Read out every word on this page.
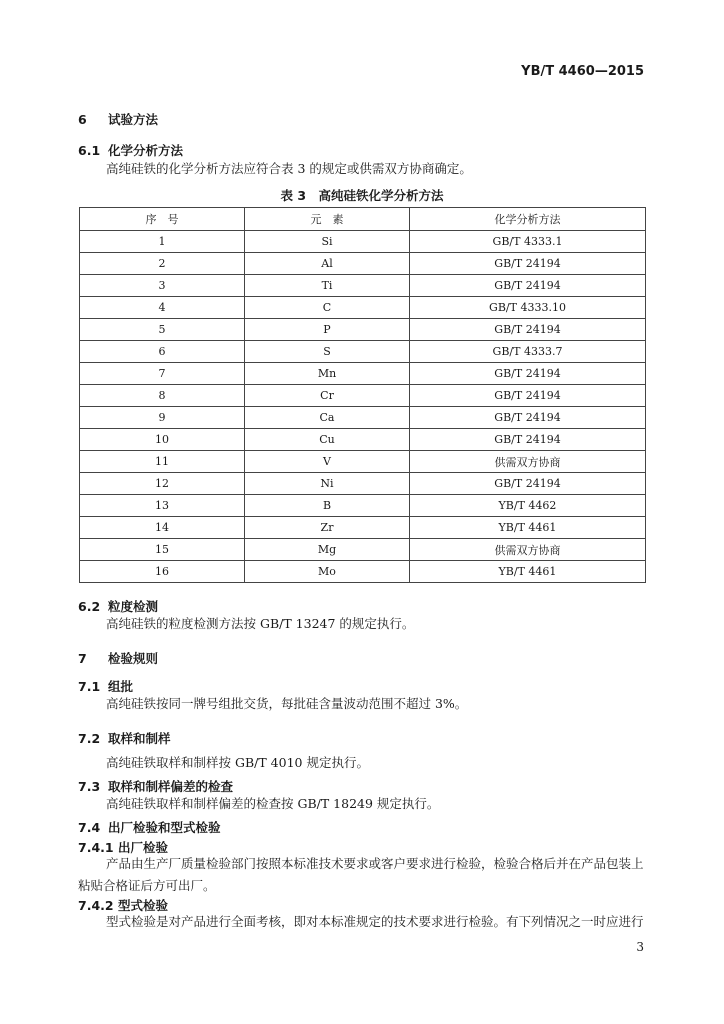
YB/T 4460—2015
6 试验方法
6.1 化学分析方法
高纯硅铁的化学分析方法应符合表 3 的规定或供需双方协商确定。
表 3　高纯硅铁化学分析方法
序　号	元　素	化学分析方法
1	Si	GB/T 4333.1
2	Al	GB/T 24194
3	Ti	GB/T 24194
4	C	GB/T 4333.10
5	P	GB/T 24194
6	S	GB/T 4333.7
7	Mn	GB/T 24194
8	Cr	GB/T 24194
9	Ca	GB/T 24194
10	Cu	GB/T 24194
11	V	供需双方协商
12	Ni	GB/T 24194
13	B	YB/T 4462
14	Zr	YB/T 4461
15	Mg	供需双方协商
16	Mo	YB/T 4461
6.2 粒度检测
高纯硅铁的粒度检测方法按 GB/T 13247 的规定执行。
7 检验规则
7.1 组批
高纯硅铁按同一牌号组批交货，每批硅含量波动范围不超过 3%。
7.2 取样和制样
高纯硅铁取样和制样按 GB/T 4010 规定执行。
7.3 取样和制样偏差的检查
高纯硅铁取样和制样偏差的检查按 GB/T 18249 规定执行。
7.4 出厂检验和型式检验
7.4.1 出厂检验
产品由生产厂质量检验部门按照本标准技术要求或客户要求进行检验，检验合格后并在产品包装上粘贴合格证后方可出厂。
7.4.2 型式检验
型式检验是对产品进行全面考核，即对本标准规定的技术要求进行检验。有下列情况之一时应进行
3
